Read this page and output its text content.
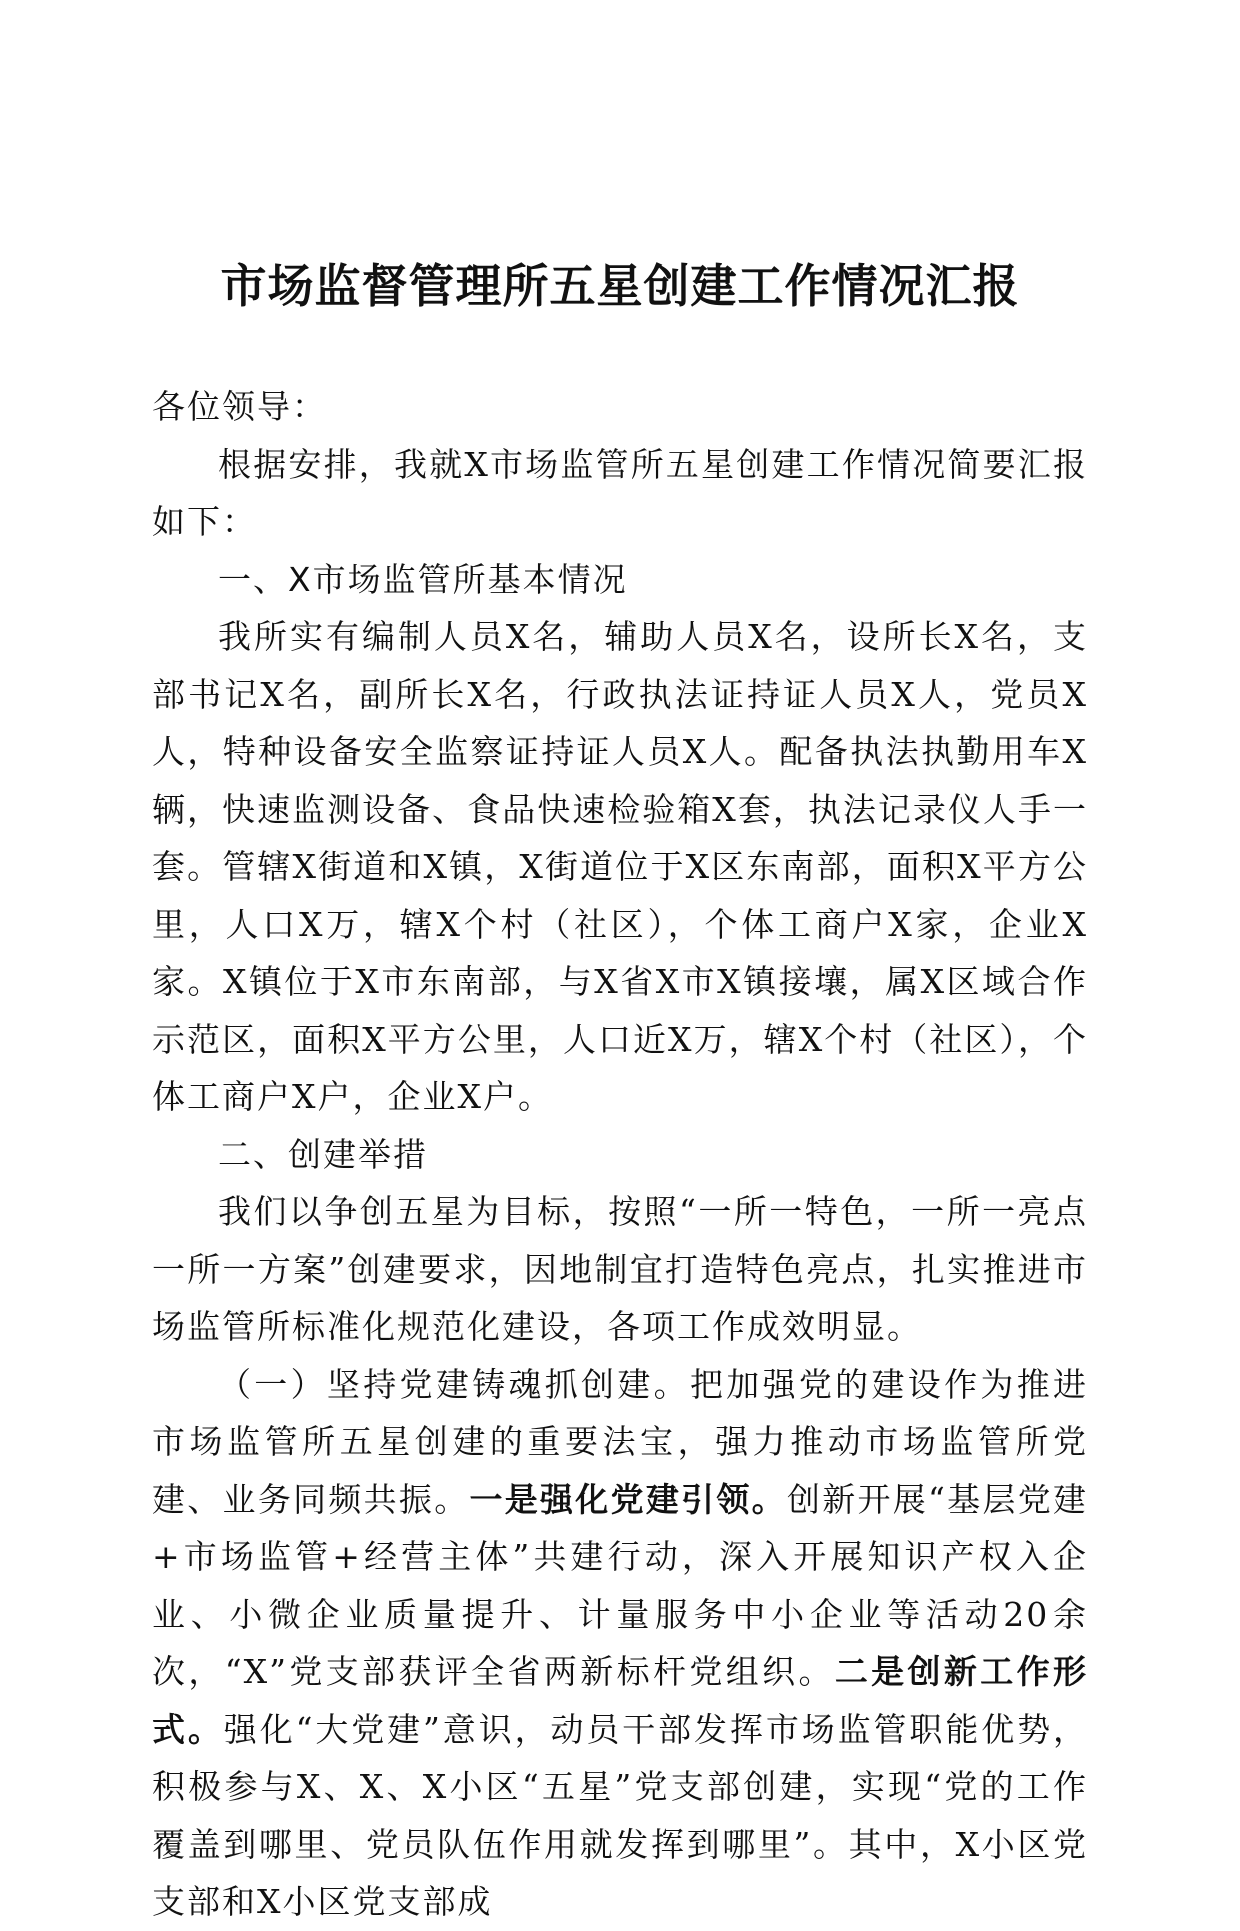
市场监督管理所五星创建工作情况汇报

各位领导：

根据安排，我就X市场监管所五星创建工作情况简要汇报如下：

一、X市场监管所基本情况

我所实有编制人员X名，辅助人员X名，设所长X名，支部书记X名，副所长X名，行政执法证持证人员X人，党员X人，特种设备安全监察证持证人员X人。配备执法执勤用车X辆，快速监测设备、食品快速检验箱X套，执法记录仪人手一套。管辖X街道和X镇，X街道位于X区东南部，面积X平方公里，人口X万，辖X个村（社区），个体工商户X家，企业X家。X镇位于X市东南部，与X省X市X镇接壤，属X区域合作示范区，面积X平方公里，人口近X万，辖X个村（社区），个体工商户X户，企业X户。

二、创建举措

我们以争创五星为目标，按照“一所一特色，一所一亮点一所一方案”创建要求，因地制宜打造特色亮点，扎实推进市场监管所标准化规范化建设，各项工作成效明显。

（一）坚持党建铸魂抓创建。把加强党的建设作为推进市场监管所五星创建的重要法宝，强力推动市场监管所党建、业务同频共振。一是强化党建引领。创新开展“基层党建+市场监管+经营主体”共建行动，深入开展知识产权入企业、小微企业质量提升、计量服务中小企业等活动20余次，“X”党支部获评全省两新标杆党组织。二是创新工作形式。强化“大党建”意识，动员干部发挥市场监管职能优势，积极参与X、X、X小区“五星”党支部创建，实现“党的工作覆盖到哪里、党员队伍作用就发挥到哪里”。其中，X小区党支部和X小区党支部成
